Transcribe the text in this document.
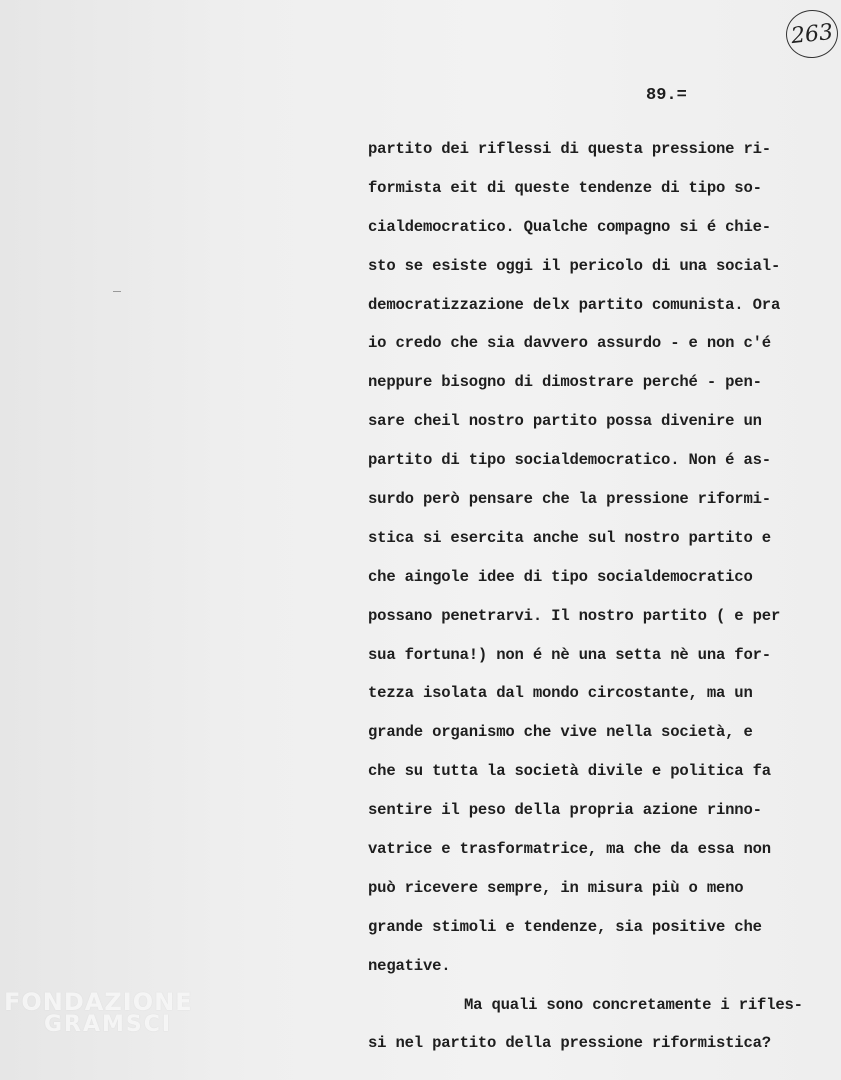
263
89.=
partito dei riflessi di questa pressione ri-
formista eit di queste tendenze di tipo so-
cialdemocratico. Qualche compagno si é chie-
sto se esiste oggi il pericolo di una social-
democratizzazione delx partito comunista. Ora
io credo che sia davvero assurdo - e non c'é
neppure bisogno di dimostrare perché - pen-
sare cheil nostro partito possa divenire un
partito di tipo socialdemocratico. Non é as-
surdo però pensare che la pressione riformi-
stica si esercita anche sul nostro partito e
che aingole idee di tipo socialdemocratico
possano penetrarvi. Il nostro partito ( e per
sua fortuna!) non é nè una setta nè una for-
tezza isolata dal mondo circostante, ma un
grande organismo che vive nella società, e
che su tutta la società divile e politica fa
sentire il peso della propria azione rinno-
vatrice e trasformatrice, ma che da essa non
può ricevere sempre, in misura più o meno
grande stimoli e tendenze, sia positive che
negative.
Ma quali sono concretamente i rifles-
si nel partito della pressione riformistica?
FONDAZIONE
GRAMSCI
